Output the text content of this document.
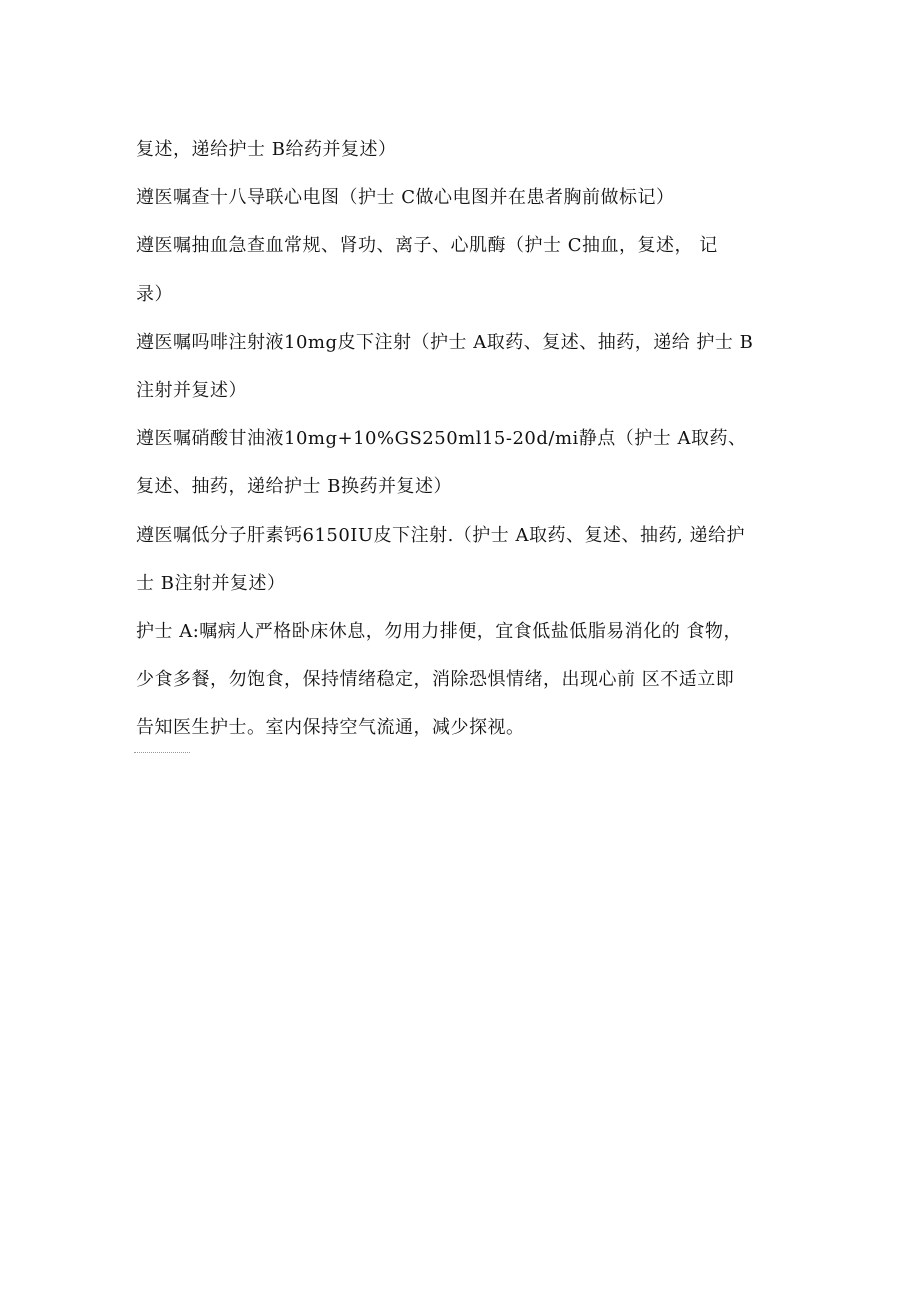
复述，递给护士 B给药并复述）
遵医嘱查十八导联心电图（护士 C做心电图并在患者胸前做标记）
遵医嘱抽血急查血常规、肾功、离子、心肌酶（护士 C抽血，复述， 记
录）
遵医嘱吗啡注射液10mg皮下注射（护士 A取药、复述、抽药，递给 护士 B
注射并复述）
遵医嘱硝酸甘油液10mg+10%GS250ml15-20d/mi静点（护士 A取药、
复述、抽药，递给护士 B换药并复述）
遵医嘱低分子肝素钙6150IU皮下注射.（护士 A取药、复述、抽药, 递给护
士 B注射并复述）
护士 A:嘱病人严格卧床休息，勿用力排便，宜食低盐低脂易消化的 食物，
少食多餐，勿饱食，保持情绪稳定，消除恐惧情绪，出现心前 区不适立即
告知医生护士。室内保持空气流通，减少探视。
